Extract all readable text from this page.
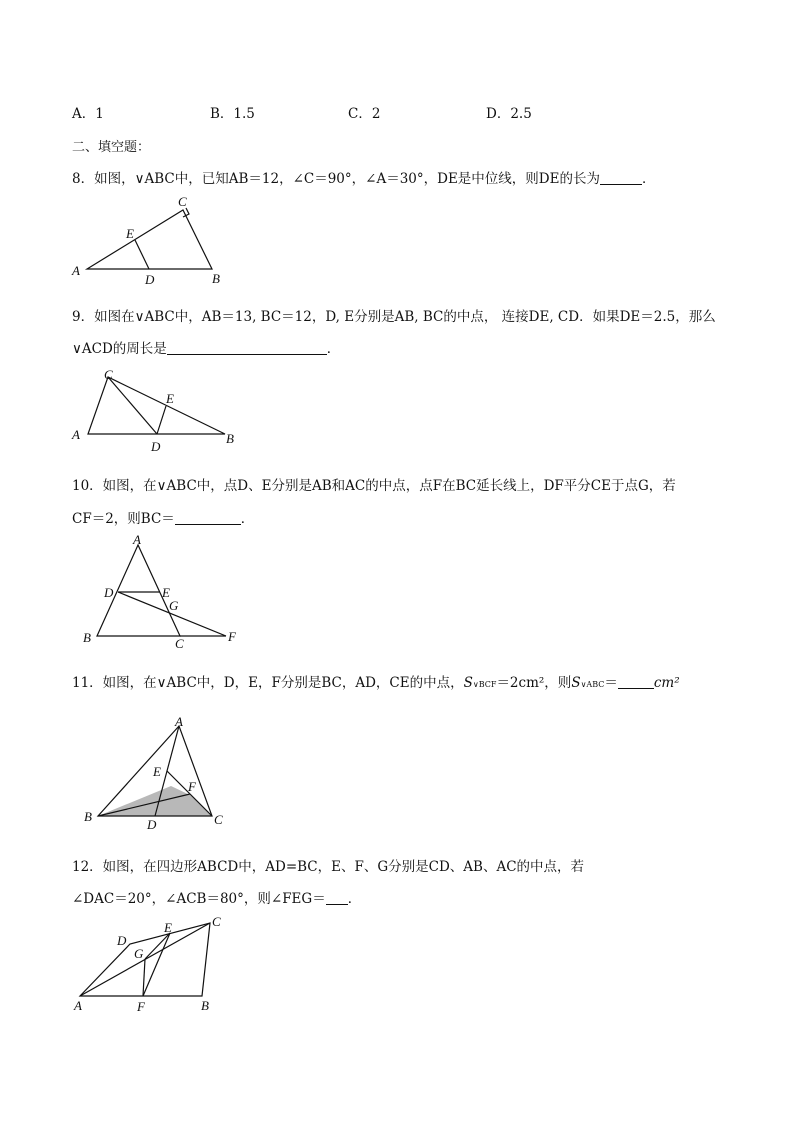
A．1	B．1.5	C．2	D．2.5
二、填空题：
8．如图，∨ABC中，已知AB＝12，∠C＝90°，∠A＝30°，DE是中位线，则DE的长为	．
A
B
C
D
E
9．如图在∨ABC中，AB＝13, BC＝12，D, E分别是AB, BC的中点， 连接DE, CD．如果DE＝2.5，那么
∨ACD的周长是	．
A	B
C
D
E
10．如图，在∨ABC中，点D、E分别是AB和AC的中点，点F在BC延长线上，DF平分CE于点G，若
CF＝2，则BC＝	．
A
B	C
D	E
F
G
11．如图，在∨ABC中，D，E，F分别是BC，AD，CE的中点，S∨BCF＝2cm²，则S∨ABC＝	cm²
A
B	C
D
E
F
12．如图，在四边形ABCD中，AD=BC，E、F、G分别是CD、AB、AC的中点，若
∠DAC＝20°，∠ACB＝80°，则∠FEG＝ ．
A	B
C
D
E
F
G
